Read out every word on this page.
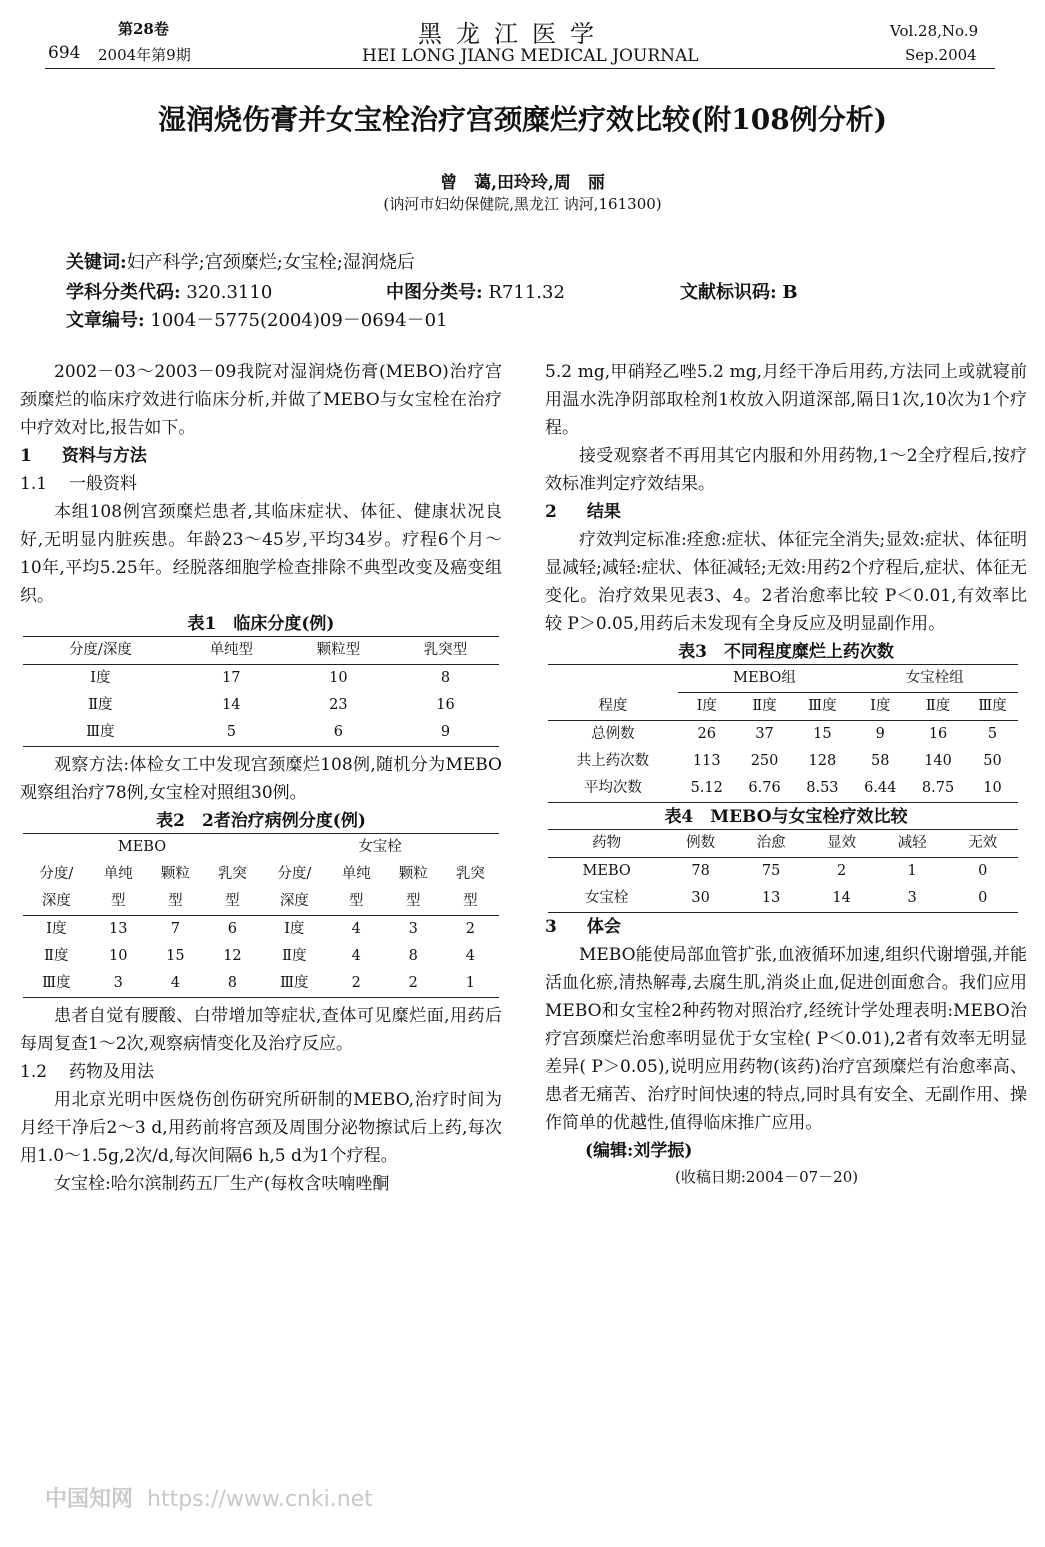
694
第28卷
2004年第9期
黑龙江医学
HEI LONG JIANG MEDICAL JOURNAL
Vol.28,No.9
Sep.2004
湿润烧伤膏并女宝栓治疗宫颈糜烂疗效比较(附108例分析)
曾　蔼,田玲玲,周　丽
(讷河市妇幼保健院,黑龙江 讷河,161300)
关键词:妇产科学;宫颈糜烂;女宝栓;湿润烧后
学科分类代码: 320.3110	中图分类号: R711.32	文献标识码: B
文章编号: 1004－5775(2004)09－0694－01

2002－03～2003－09我院对湿润烧伤膏(MEBO)治疗宫颈糜烂的临床疗效进行临床分析,并做了MEBO与女宝栓在治疗中疗效对比,报告如下。

1 资料与方法
1.1 一般资料

本组108例宫颈糜烂患者,其临床症状、体征、健康状况良好,无明显内脏疾患。年龄23～45岁,平均34岁。疗程6个月～10年,平均5.25年。经脱落细胞学检查排除不典型改变及癌变组织。

表1　临床分度(例)
分度/深度	单纯型	颗粒型	乳突型
Ⅰ度	17	10	8
Ⅱ度	14	23	16
Ⅲ度	5	6	9

观察方法:体检女工中发现宫颈糜烂108例,随机分为MEBO观察组治疗78例,女宝栓对照组30例。

表2　2者治疗病例分度(例)
MEBO				女宝栓			
分度/	单纯	颗粒	乳突	分度/	单纯	颗粒	乳突
深度	型	型	型	深度	型	型	型
Ⅰ度	13	7	6	Ⅰ度	4	3	2
Ⅱ度	10	15	12	Ⅱ度	4	8	4
Ⅲ度	3	4	8	Ⅲ度	2	2	1

患者自觉有腰酸、白带增加等症状,查体可见糜烂面,用药后每周复查1～2次,观察病情变化及治疗反应。

1.2 药物及用法

用北京光明中医烧伤创伤研究所研制的MEBO,治疗时间为月经干净后2～3 d,用药前将宫颈及周围分泌物擦试后上药,每次用1.0～1.5g,2次/d,每次间隔6 h,5 d为1个疗程。

女宝栓:哈尔滨制药五厂生产(每枚含呋喃唑酮

5.2 mg,甲硝羟乙唑5.2 mg,月经干净后用药,方法同上或就寝前用温水洗净阴部取栓剂1枚放入阴道深部,隔日1次,10次为1个疗程。

接受观察者不再用其它内服和外用药物,1～2全疗程后,按疗效标准判定疗效结果。

2 结果

疗效判定标准:痊愈:症状、体征完全消失;显效:症状、体征明显减轻;减轻:症状、体征减轻;无效:用药2个疗程后,症状、体征无变化。治疗效果见表3、4。2者治愈率比较 P＜0.01,有效率比较 P＞0.05,用药后未发现有全身反应及明显副作用。

表3　不同程度糜烂上药次数
	MEBO组			女宝栓组		
程度	Ⅰ度	Ⅱ度	Ⅲ度	Ⅰ度	Ⅱ度	Ⅲ度
总例数	26	37	15	9	16	5
共上药次数	113	250	128	58	140	50
平均次数	5.12	6.76	8.53	6.44	8.75	10
表4　MEBO与女宝栓疗效比较
药物	例数	治愈	显效	减轻	无效
MEBO	78	75	2	1	0
女宝栓	30	13	14	3	0
3 体会

MEBO能使局部血管扩张,血液循环加速,组织代谢增强,并能活血化瘀,清热解毒,去腐生肌,消炎止血,促进创面愈合。我们应用MEBO和女宝栓2种药物对照治疗,经统计学处理表明:MEBO治疗宫颈糜烂治愈率明显优于女宝栓( P＜0.01),2者有效率无明显差异( P＞0.05),说明应用药物(该药)治疗宫颈糜烂有治愈率高、患者无痛苦、治疗时间快速的特点,同时具有安全、无副作用、操作简单的优越性,值得临床推广应用。

(编辑:刘学振)
(收稿日期:2004－07－20)
中国知网 https://www.cnki.net
